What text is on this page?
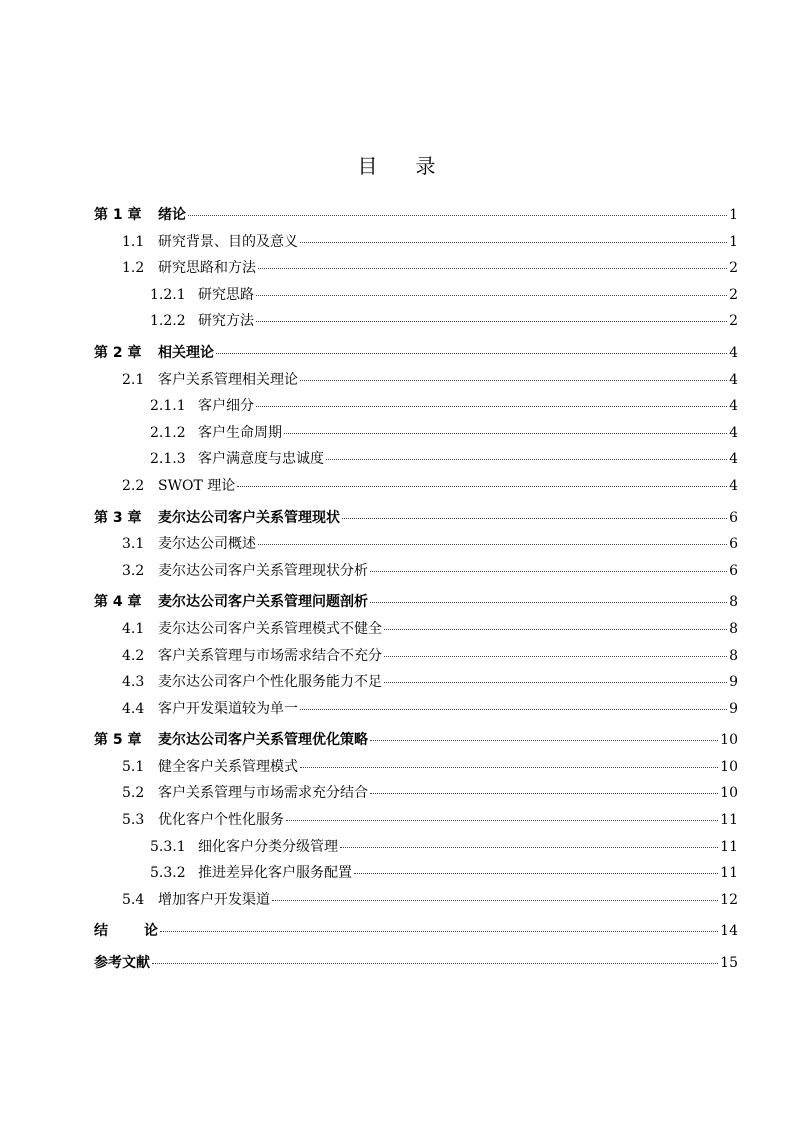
目 录
第 1 章	绪论	1
1.1 研究背景、目的及意义	1
1.2 研究思路和方法	2
1.2.1 研究思路	2
1.2.2 研究方法	2
第 2 章	相关理论	4
2.1 客户关系管理相关理论	4
2.1.1 客户细分	4
2.1.2 客户生命周期	4
2.1.3 客户满意度与忠诚度	4
2.2 SWOT 理论	4
第 3 章	麦尔达公司客户关系管理现状	6
3.1 麦尔达公司概述	6
3.2 麦尔达公司客户关系管理现状分析	6
第 4 章	麦尔达公司客户关系管理问题剖析	8
4.1 麦尔达公司客户关系管理模式不健全	8
4.2 客户关系管理与市场需求结合不充分	8
4.3 麦尔达公司客户个性化服务能力不足	9
4.4 客户开发渠道较为单一	9
第 5 章	麦尔达公司客户关系管理优化策略	10
5.1 健全客户关系管理模式	10
5.2 客户关系管理与市场需求充分结合	10
5.3 优化客户个性化服务	11
5.3.1 细化客户分类分级管理	11
5.3.2 推进差异化客户服务配置	11
5.4 增加客户开发渠道	12
结	论	14
参考文献	15
